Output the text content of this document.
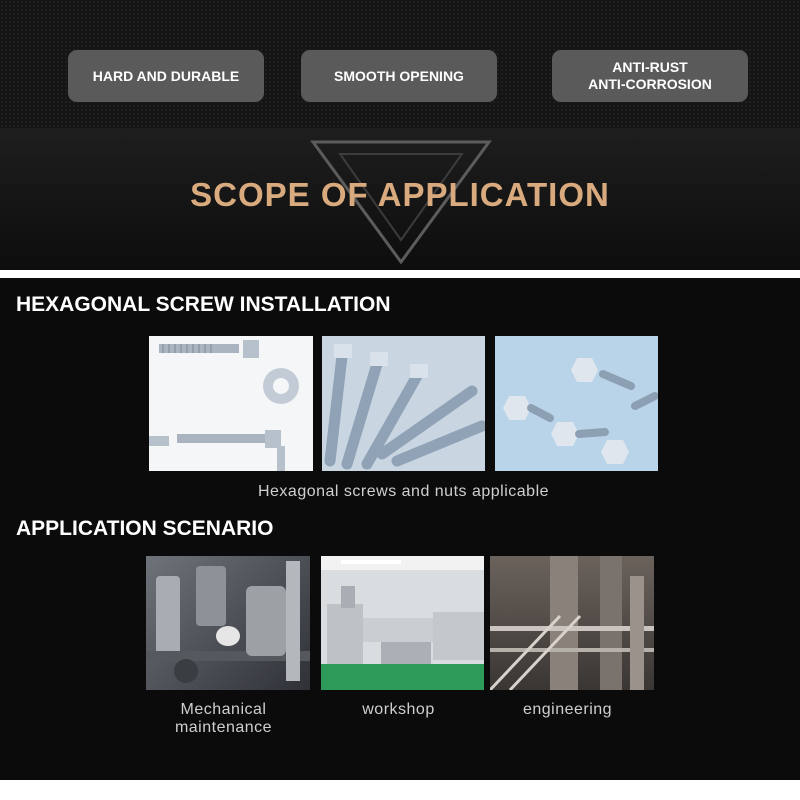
HARD AND DURABLE	SMOOTH OPENING
ANTI-RUST
ANTI-CORROSION
SCOPE OF APPLICATION
HEXAGONAL SCREW INSTALLATION
Hexagonal screws and nuts applicable
APPLICATION SCENARIO
Mechanical
maintenance
workshop	engineering
